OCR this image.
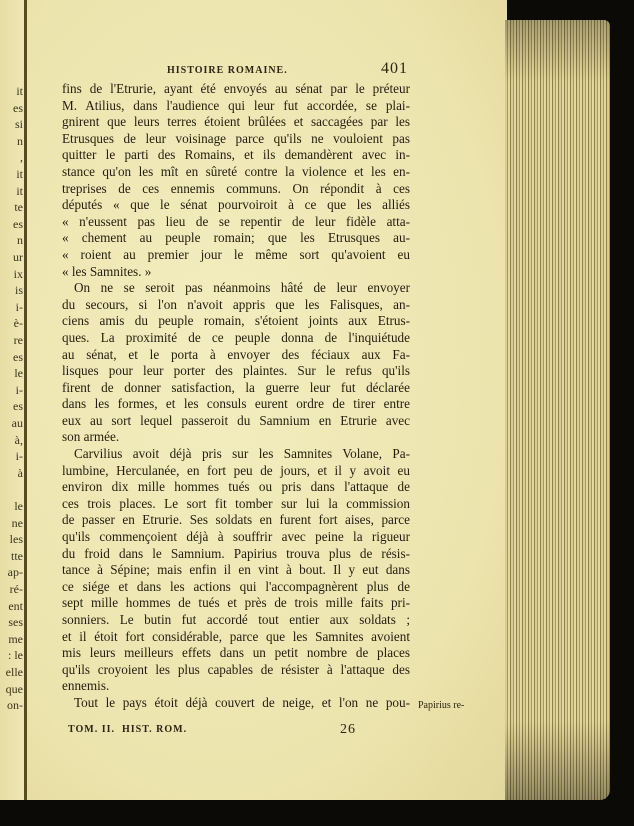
it
es
si
n
,
it
it
te
es
n
ur
ix
is
i-
è-
re
es
le
i-
es
au
à,
i-
à
le
ne
les
tte
ap-
ré-
ent
ses
me
: le
elle
que
on-
HISTOIRE ROMAINE.	401
fins de l'Etrurie, ayant été envoyés au sénat par le préteur
M. Atilius, dans l'audience qui leur fut accordée, se plai-
gnirent que leurs terres étoient brûlées et saccagées par les
Etrusques de leur voisinage parce qu'ils ne vouloient pas
quitter le parti des Romains, et ils demandèrent avec in-
stance qu'on les mît en sûreté contre la violence et les en-
treprises de ces ennemis communs. On répondit à ces
députés « que le sénat pourvoiroit à ce que les alliés
« n'eussent pas lieu de se repentir de leur fidèle atta-
« chement au peuple romain; que les Etrusques au-
« roient au premier jour le même sort qu'avoient eu
« les Samnites. »
On ne se seroit pas néanmoins hâté de leur envoyer
du secours, si l'on n'avoit appris que les Falisques, an-
ciens amis du peuple romain, s'étoient joints aux Etrus-
ques. La proximité de ce peuple donna de l'inquiétude
au sénat, et le porta à envoyer des féciaux aux Fa-
lisques pour leur porter des plaintes. Sur le refus qu'ils
firent de donner satisfaction, la guerre leur fut déclarée
dans les formes, et les consuls eurent ordre de tirer entre
eux au sort lequel passeroit du Samnium en Etrurie avec
son armée.
Carvilius avoit déjà pris sur les Samnites Volane, Pa-
lumbine, Herculanée, en fort peu de jours, et il y avoit eu
environ dix mille hommes tués ou pris dans l'attaque de
ces trois places. Le sort fit tomber sur lui la commission
de passer en Etrurie. Ses soldats en furent fort aises, parce
qu'ils commençoient déjà à souffrir avec peine la rigueur
du froid dans le Samnium. Papirius trouva plus de résis-
tance à Sépine; mais enfin il en vint à bout. Il y eut dans
ce siége et dans les actions qui l'accompagnèrent plus de
sept mille hommes de tués et près de trois mille faits pri-
sonniers. Le butin fut accordé tout entier aux soldats ;
et il étoit fort considérable, parce que les Samnites avoient
mis leurs meilleurs effets dans un petit nombre de places
qu'ils croyoient les plus capables de résister à l'attaque des
ennemis.
Tout le pays étoit déjà couvert de neige, et l'on ne pou- Papirius re-
TOM. II.  HIST. ROM.	26
